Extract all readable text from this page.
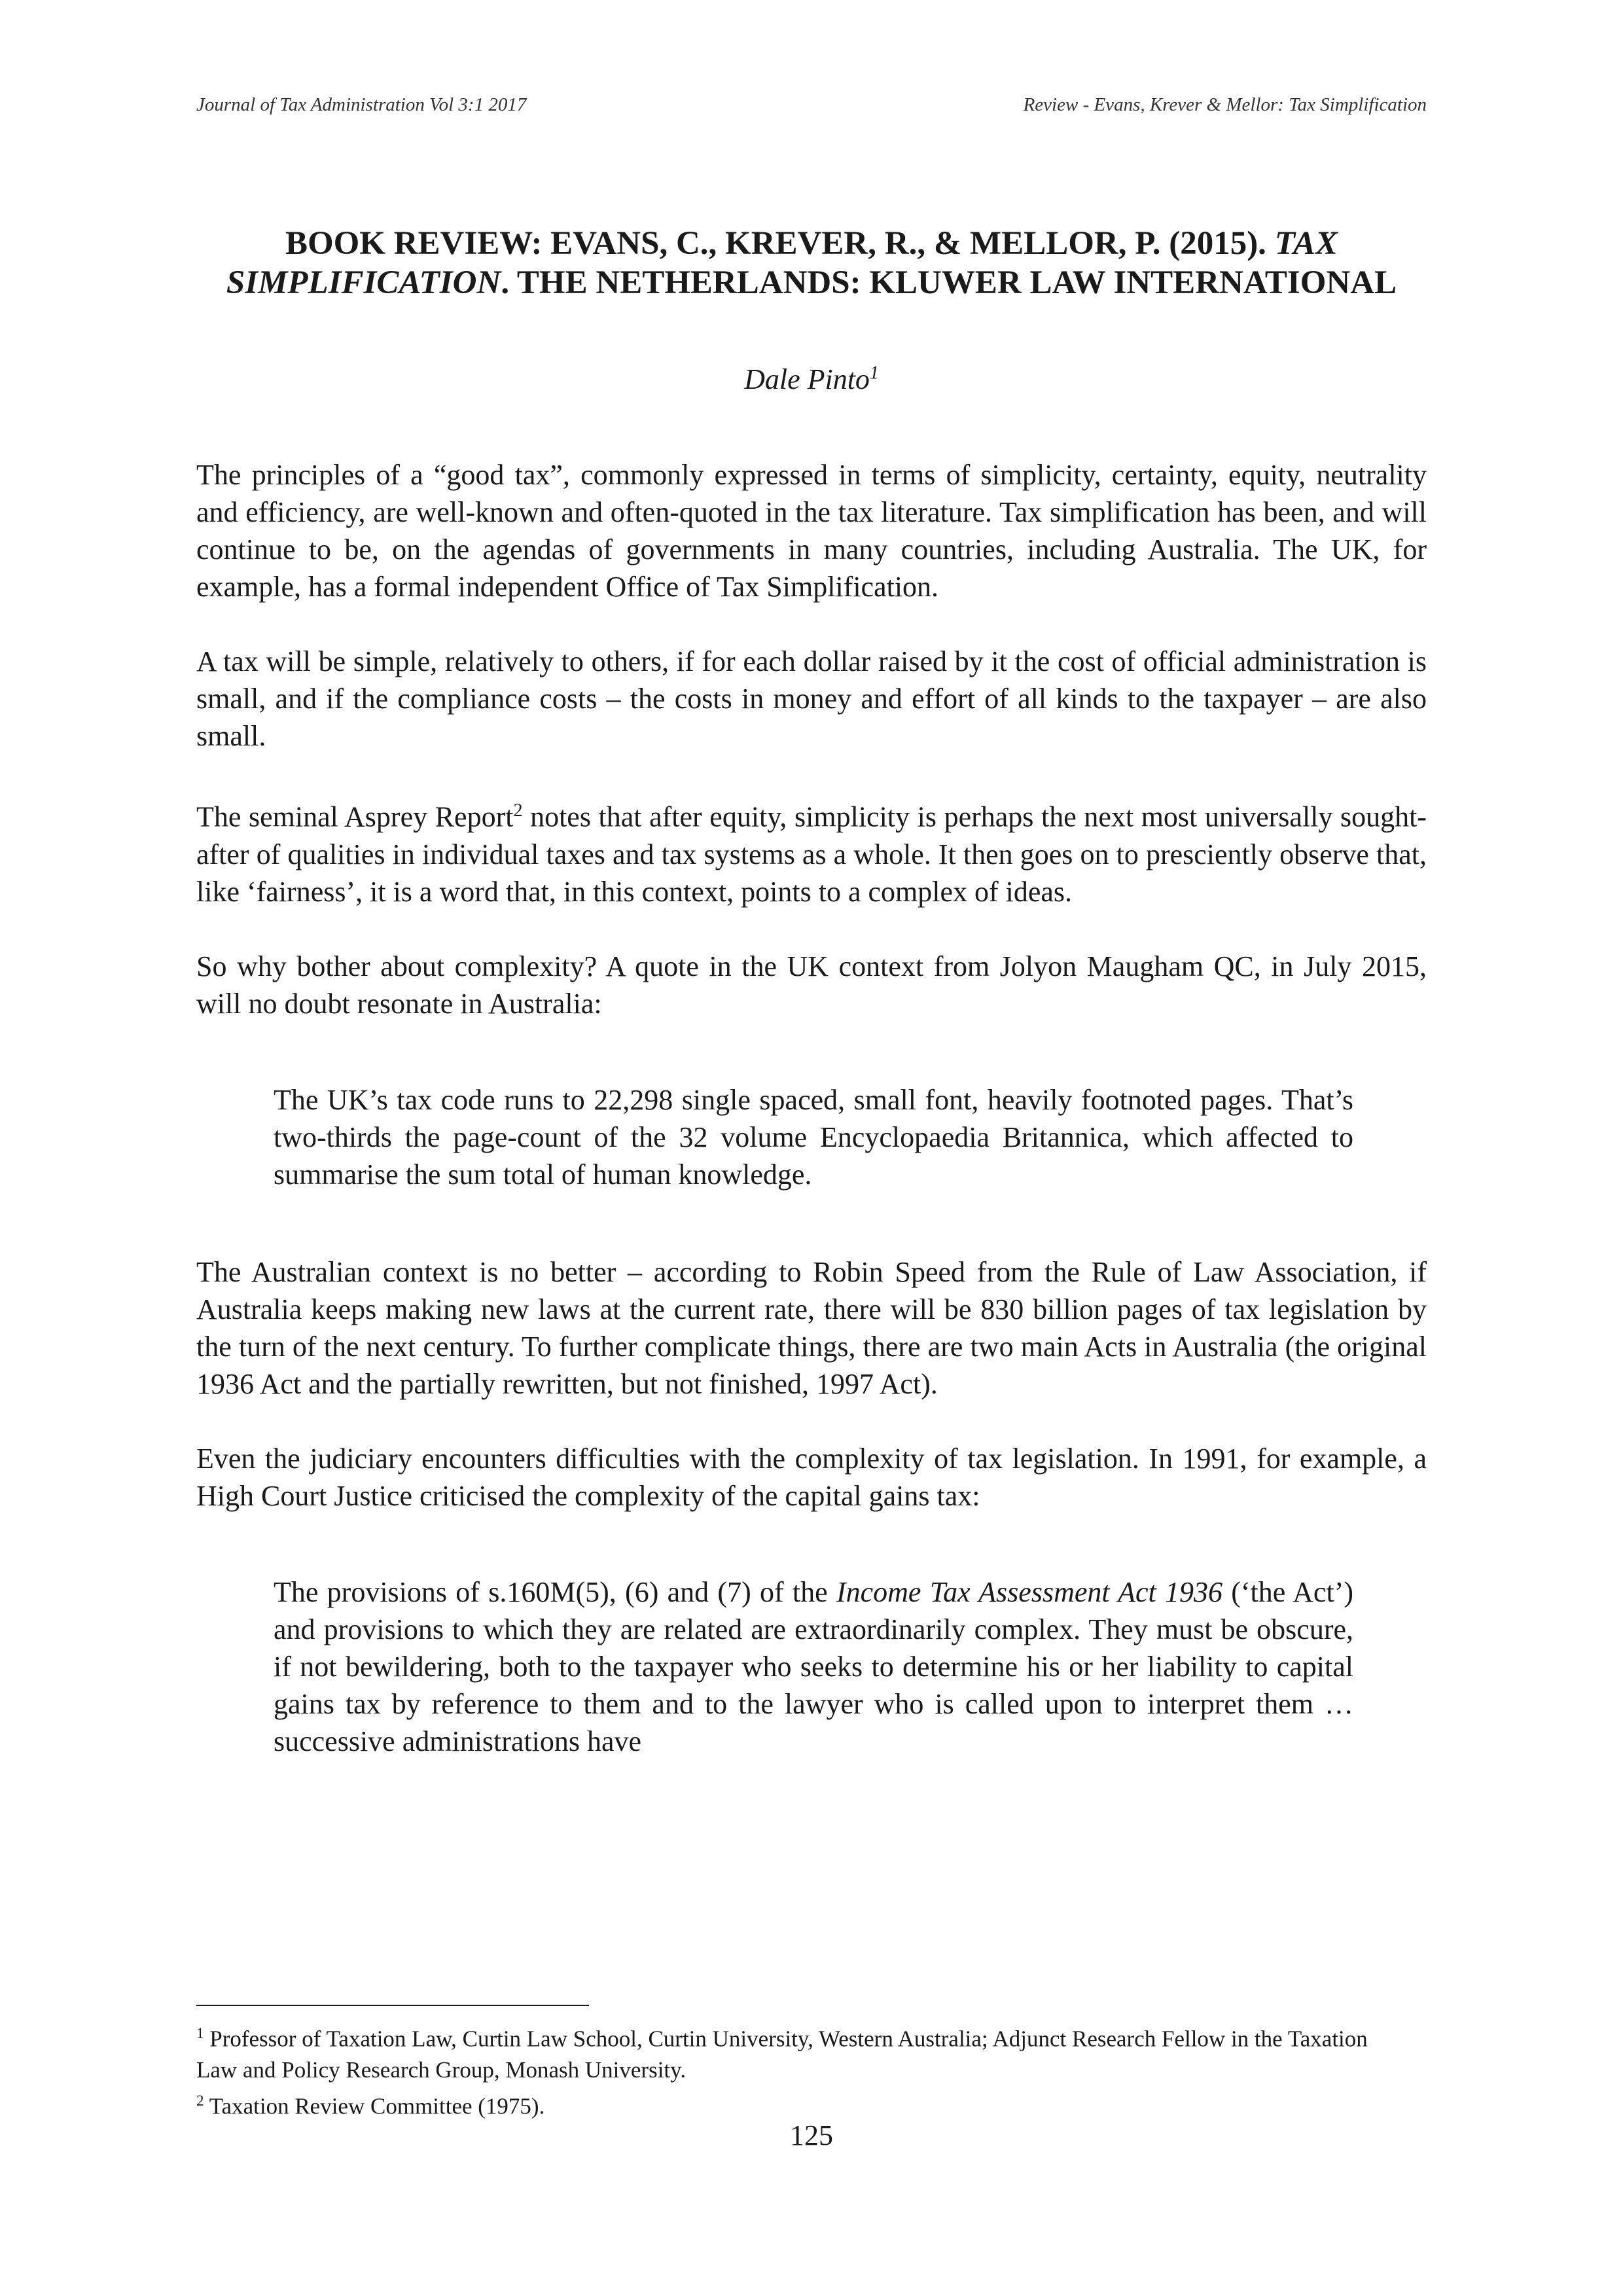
Journal of Tax Administration Vol 3:1 2017	Review - Evans, Krever & Mellor: Tax Simplification
BOOK REVIEW: EVANS, C., KREVER, R., & MELLOR, P. (2015). TAX SIMPLIFICATION. THE NETHERLANDS: KLUWER LAW INTERNATIONAL

Dale Pinto$^1$

The principles of a “good tax”, commonly expressed in terms of simplicity, certainty, equity, neutrality and efficiency, are well-known and often-quoted in the tax literature. Tax simplification has been, and will continue to be, on the agendas of governments in many countries, including Australia. The UK, for example, has a formal independent Office of Tax Simplification.

A tax will be simple, relatively to others, if for each dollar raised by it the cost of official administration is small, and if the compliance costs – the costs in money and effort of all kinds to the taxpayer – are also small.

The seminal Asprey Report$^2$ notes that after equity, simplicity is perhaps the next most universally sought-after of qualities in individual taxes and tax systems as a whole. It then goes on to presciently observe that, like ‘fairness’, it is a word that, in this context, points to a complex of ideas.

So why bother about complexity? A quote in the UK context from Jolyon Maugham QC, in July 2015, will no doubt resonate in Australia:

The UK’s tax code runs to 22,298 single spaced, small font, heavily footnoted pages. That’s two-thirds the page-count of the 32 volume Encyclopaedia Britannica, which affected to summarise the sum total of human knowledge.

The Australian context is no better – according to Robin Speed from the Rule of Law Association, if Australia keeps making new laws at the current rate, there will be 830 billion pages of tax legislation by the turn of the next century. To further complicate things, there are two main Acts in Australia (the original 1936 Act and the partially rewritten, but not finished, 1997 Act).

Even the judiciary encounters difficulties with the complexity of tax legislation. In 1991, for example, a High Court Justice criticised the complexity of the capital gains tax:

The provisions of s.160M(5), (6) and (7) of the Income Tax Assessment Act 1936 (‘the Act’) and provisions to which they are related are extraordinarily complex. They must be obscure, if not bewildering, both to the taxpayer who seeks to determine his or her liability to capital gains tax by reference to them and to the lawyer who is called upon to interpret them … successive administrations have

$^1$ Professor of Taxation Law, Curtin Law School, Curtin University, Western Australia; Adjunct Research Fellow in the Taxation Law and Policy Research Group, Monash University.

$^2$ Taxation Review Committee (1975).

125
